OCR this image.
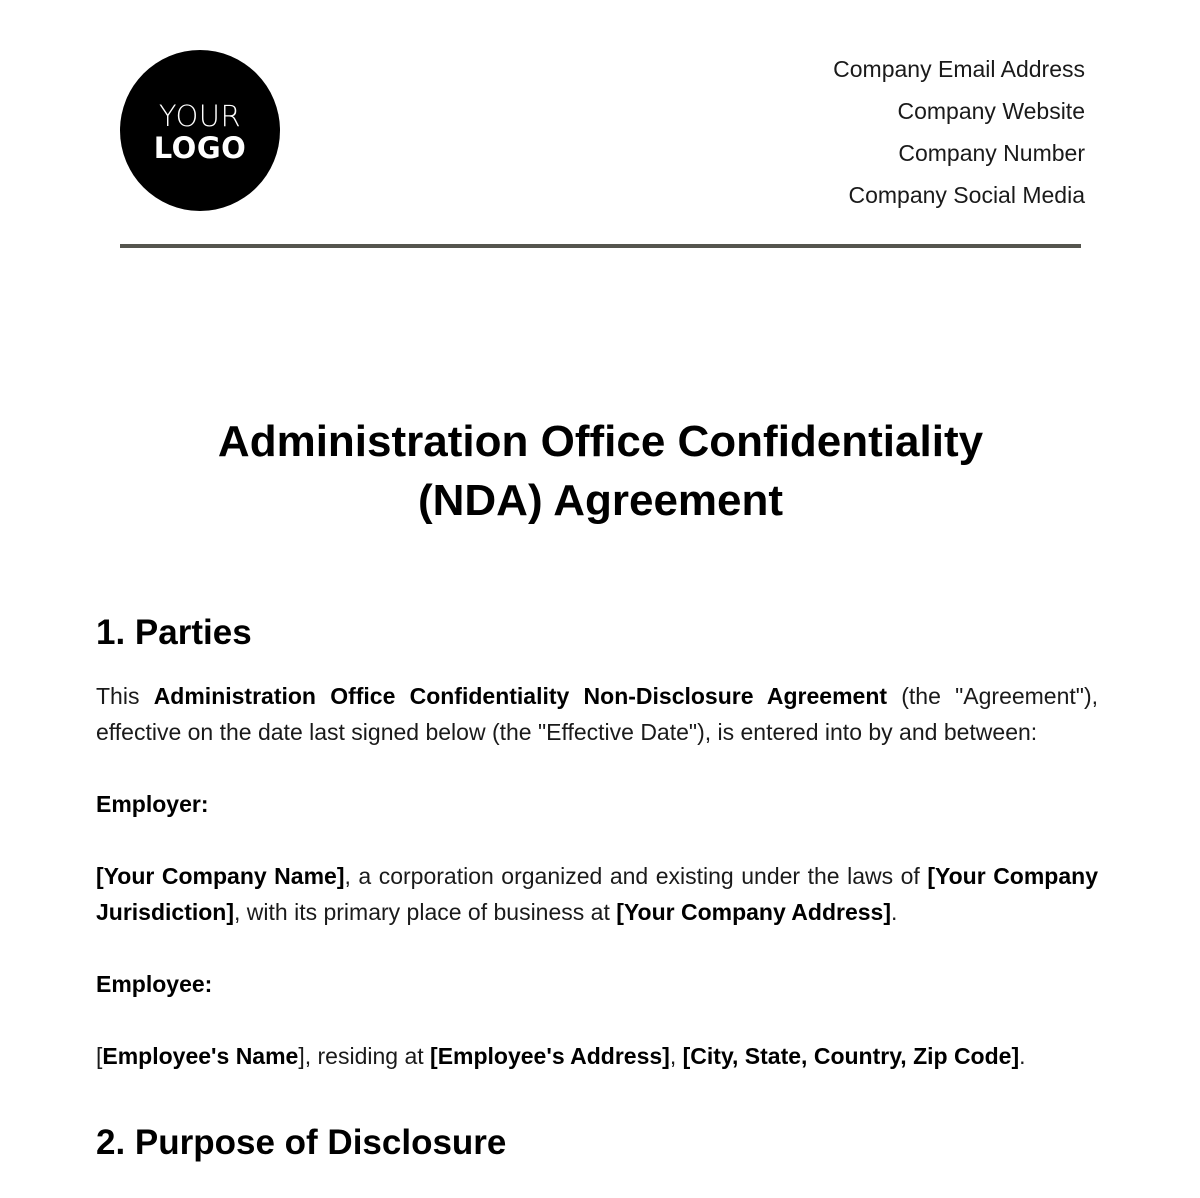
YOUR
LOGO
Company Email Address
Company Website
Company Number
Company Social Media
Administration Office Confidentiality
(NDA) Agreement
1. Parties

This Administration Office Confidentiality Non-Disclosure Agreement (the "Agreement"), effective on the date last signed below (the "Effective Date"), is entered into by and between:

Employer:

[Your Company Name], a corporation organized and existing under the laws of [Your Company Jurisdiction], with its primary place of business at [Your Company Address].

Employee:

[Employee's Name], residing at [Employee's Address], [City, State, Country, Zip Code].

2. Purpose of Disclosure
